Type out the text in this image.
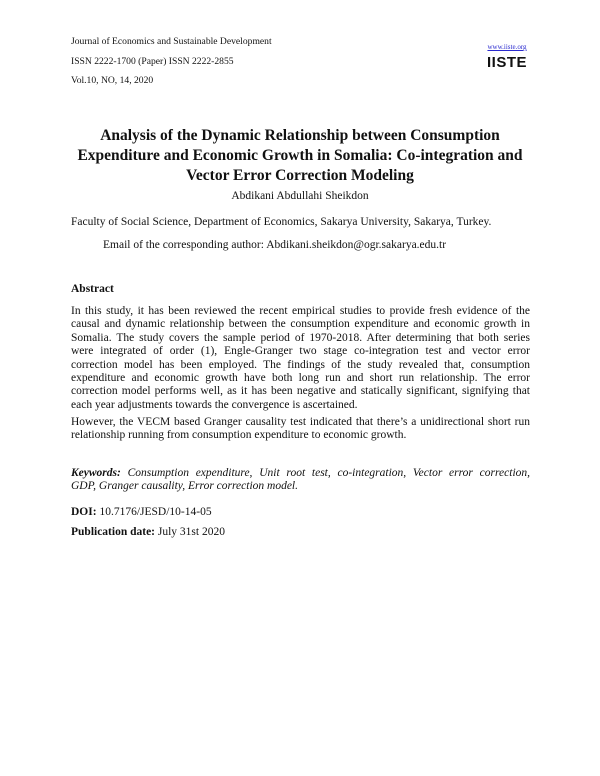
Journal of Economics and Sustainable Development
ISSN 2222-1700 (Paper) ISSN 2222-2855
Vol.10, NO, 14, 2020
www.iiste.org
IISTE
Analysis of the Dynamic Relationship between Consumption
Expenditure and Economic Growth in Somalia: Co-integration and
Vector Error Correction Modeling
Abdikani Abdullahi Sheikdon
Faculty of Social Science, Department of Economics, Sakarya University, Sakarya, Turkey.
Email of the corresponding author: Abdikani.sheikdon@ogr.sakarya.edu.tr
Abstract
In this study, it has been reviewed the recent empirical studies to provide fresh evidence of the
causal and dynamic relationship between the consumption expenditure and economic growth in
Somalia. The study covers the sample period of 1970-2018. After determining that both series
were integrated of order (1), Engle-Granger two stage co-integration test and vector error
correction model has been employed. The findings of the study revealed that, consumption
expenditure and economic growth have both long run and short run relationship. The error
correction model performs well, as it has been negative and statically significant, signifying that
each year adjustments towards the convergence is ascertained.
However, the VECM based Granger causality test indicated that there’s a unidirectional short run
relationship running from consumption expenditure to economic growth.
Keywords: Consumption expenditure, Unit root test, co-integration, Vector error correction,
GDP, Granger causality, Error correction model.
DOI: 10.7176/JESD/10-14-05
Publication date: July 31st 2020
